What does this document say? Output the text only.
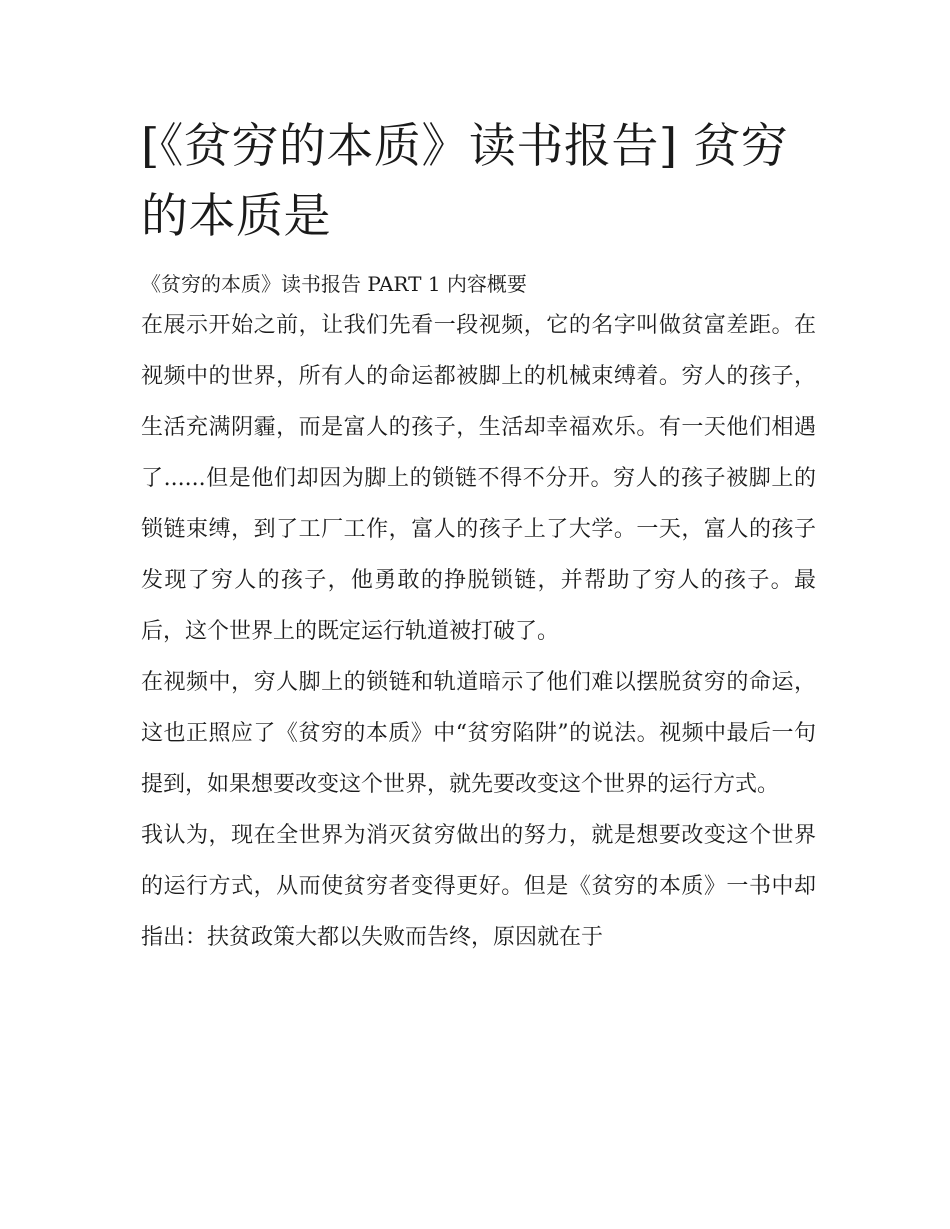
[《贫穷的本质》读书报告] 贫穷的本质是

《贫穷的本质》读书报告 PART 1 内容概要

在展示开始之前，让我们先看一段视频，它的名字叫做贫富差距。在视频中的世界，所有人的命运都被脚上的机械束缚着。穷人的孩子，生活充满阴霾，而是富人的孩子，生活却幸福欢乐。有一天他们相遇了......但是他们却因为脚上的锁链不得不分开。穷人的孩子被脚上的锁链束缚，到了工厂工作，富人的孩子上了大学。一天，富人的孩子发现了穷人的孩子，他勇敢的挣脱锁链，并帮助了穷人的孩子。最后，这个世界上的既定运行轨道被打破了。

在视频中，穷人脚上的锁链和轨道暗示了他们难以摆脱贫穷的命运，这也正照应了《贫穷的本质》中“贫穷陷阱”的说法。视频中最后一句提到，如果想要改变这个世界，就先要改变这个世界的运行方式。

我认为，现在全世界为消灭贫穷做出的努力，就是想要改变这个世界的运行方式，从而使贫穷者变得更好。但是《贫穷的本质》一书中却指出：扶贫政策大都以失败而告终，原因就在于
